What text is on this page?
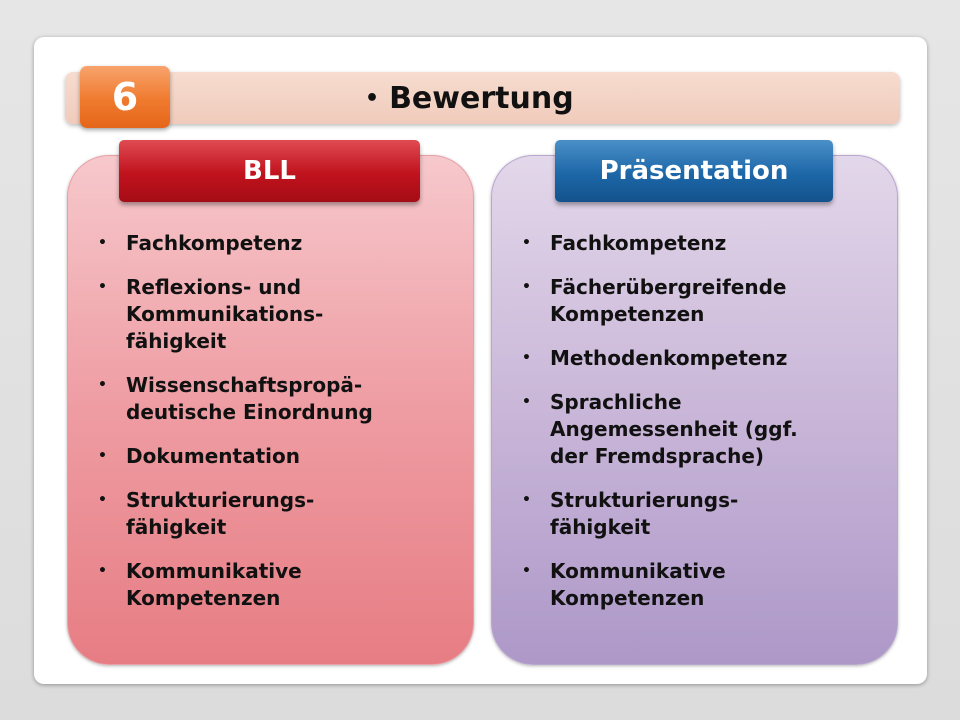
• Bewertung
6
BLL	Präsentation
• Fachkompetenz
• Reflexions- und
Kommunikations-
fähigkeit
• Wissenschaftspropä-
deutische Einordnung
• Dokumentation
• Strukturierungs-
fähigkeit
• Kommunikative
Kompetenzen
• Fachkompetenz
• Fächerübergreifende
Kompetenzen
• Methodenkompetenz
• Sprachliche
Angemessenheit (ggf.
der Fremdsprache)
• Strukturierungs-
fähigkeit
• Kommunikative
Kompetenzen
